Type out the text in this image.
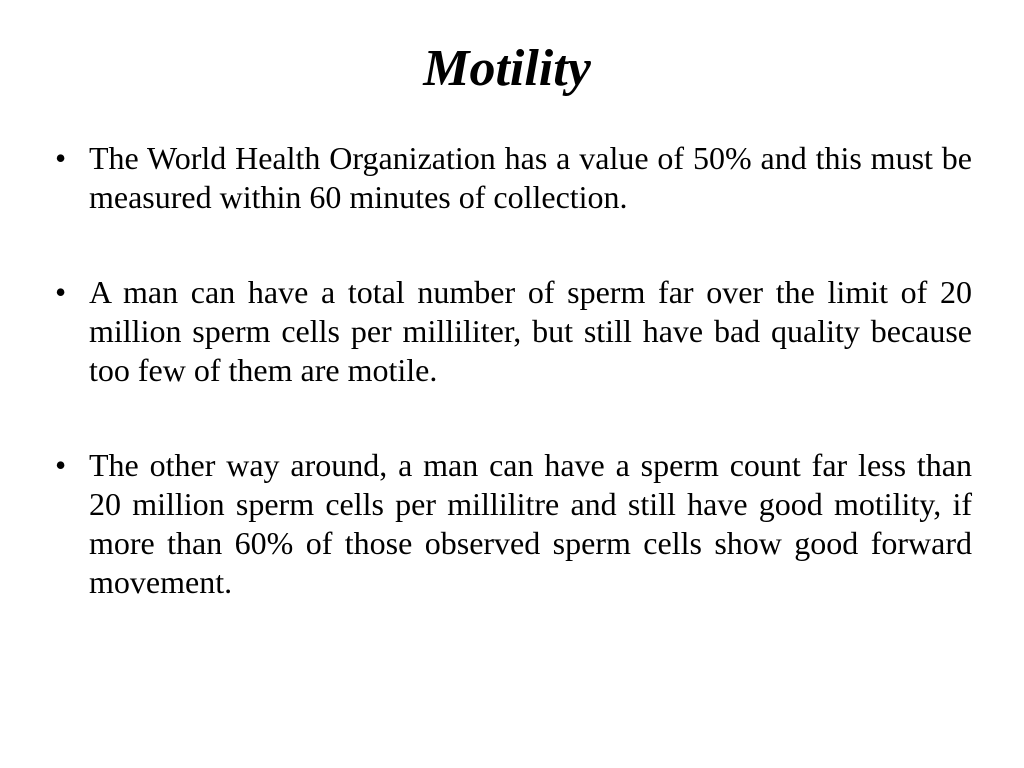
Motility
• The World Health Organization has a value of 50% and this must be measured within 60 minutes of collection.
• A man can have a total number of sperm far over the limit of 20 million sperm cells per milliliter, but still have bad quality because too few of them are motile.
• The other way around, a man can have a sperm count far less than 20 million sperm cells per millilitre and still have good motility, if more than 60% of those observed sperm cells show good forward movement.
